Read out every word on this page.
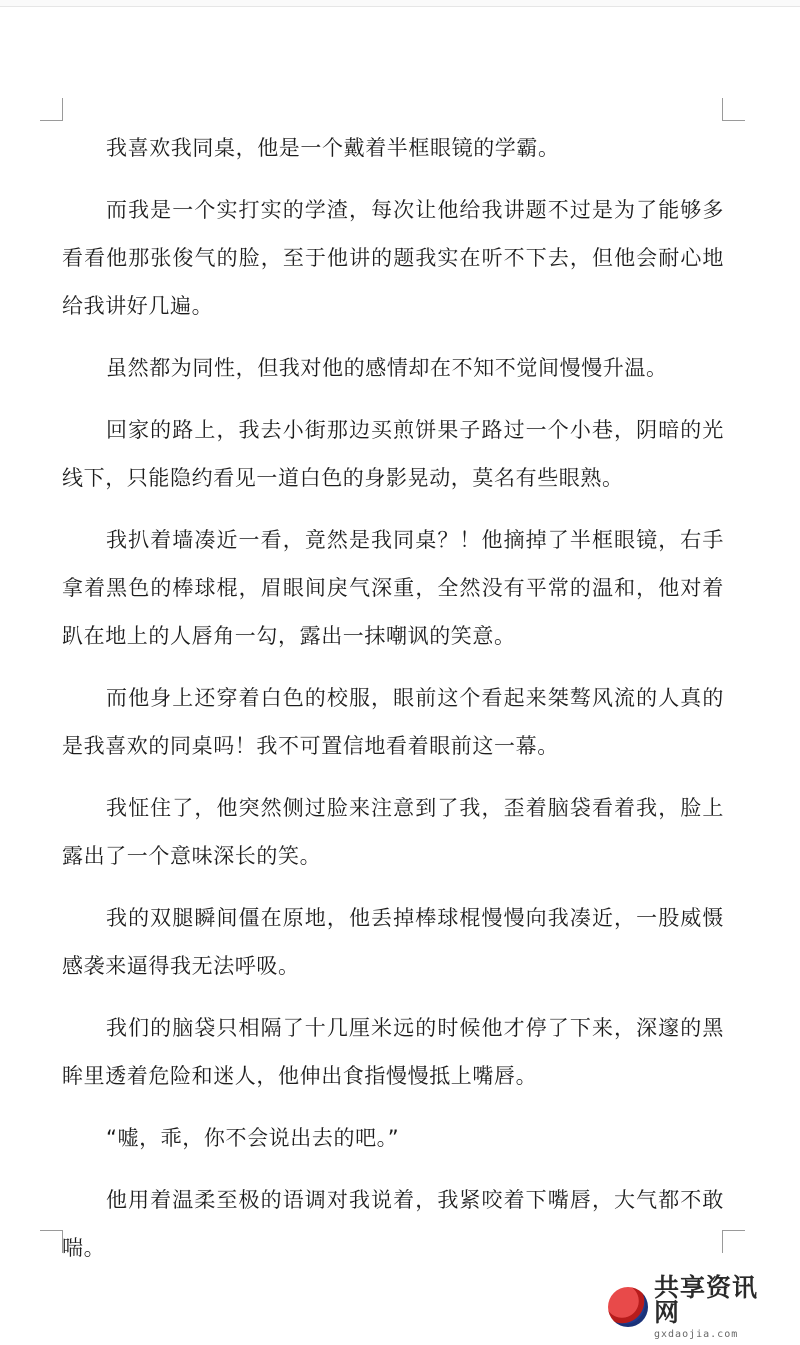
我喜欢我同桌，他是一个戴着半框眼镜的学霸。

而我是一个实打实的学渣，每次让他给我讲题不过是为了能够多看看他那张俊气的脸，至于他讲的题我实在听不下去，但他会耐心地给我讲好几遍。

虽然都为同性，但我对他的感情却在不知不觉间慢慢升温。

回家的路上，我去小街那边买煎饼果子路过一个小巷，阴暗的光线下，只能隐约看见一道白色的身影晃动，莫名有些眼熟。

我扒着墙凑近一看，竟然是我同桌？！他摘掉了半框眼镜，右手拿着黑色的棒球棍，眉眼间戾气深重，全然没有平常的温和，他对着趴在地上的人唇角一勾，露出一抹嘲讽的笑意。

而他身上还穿着白色的校服，眼前这个看起来桀骜风流的人真的是我喜欢的同桌吗！我不可置信地看着眼前这一幕。

我怔住了，他突然侧过脸来注意到了我，歪着脑袋看着我，脸上露出了一个意味深长的笑。

我的双腿瞬间僵在原地，他丢掉棒球棍慢慢向我凑近，一股威慑感袭来逼得我无法呼吸。

我们的脑袋只相隔了十几厘米远的时候他才停了下来，深邃的黑眸里透着危险和迷人，他伸出食指慢慢抵上嘴唇。

“嘘，乖，你不会说出去的吧。”

他用着温柔至极的语调对我说着，我紧咬着下嘴唇，大气都不敢喘。

共享资讯网
gxdaojia.com
